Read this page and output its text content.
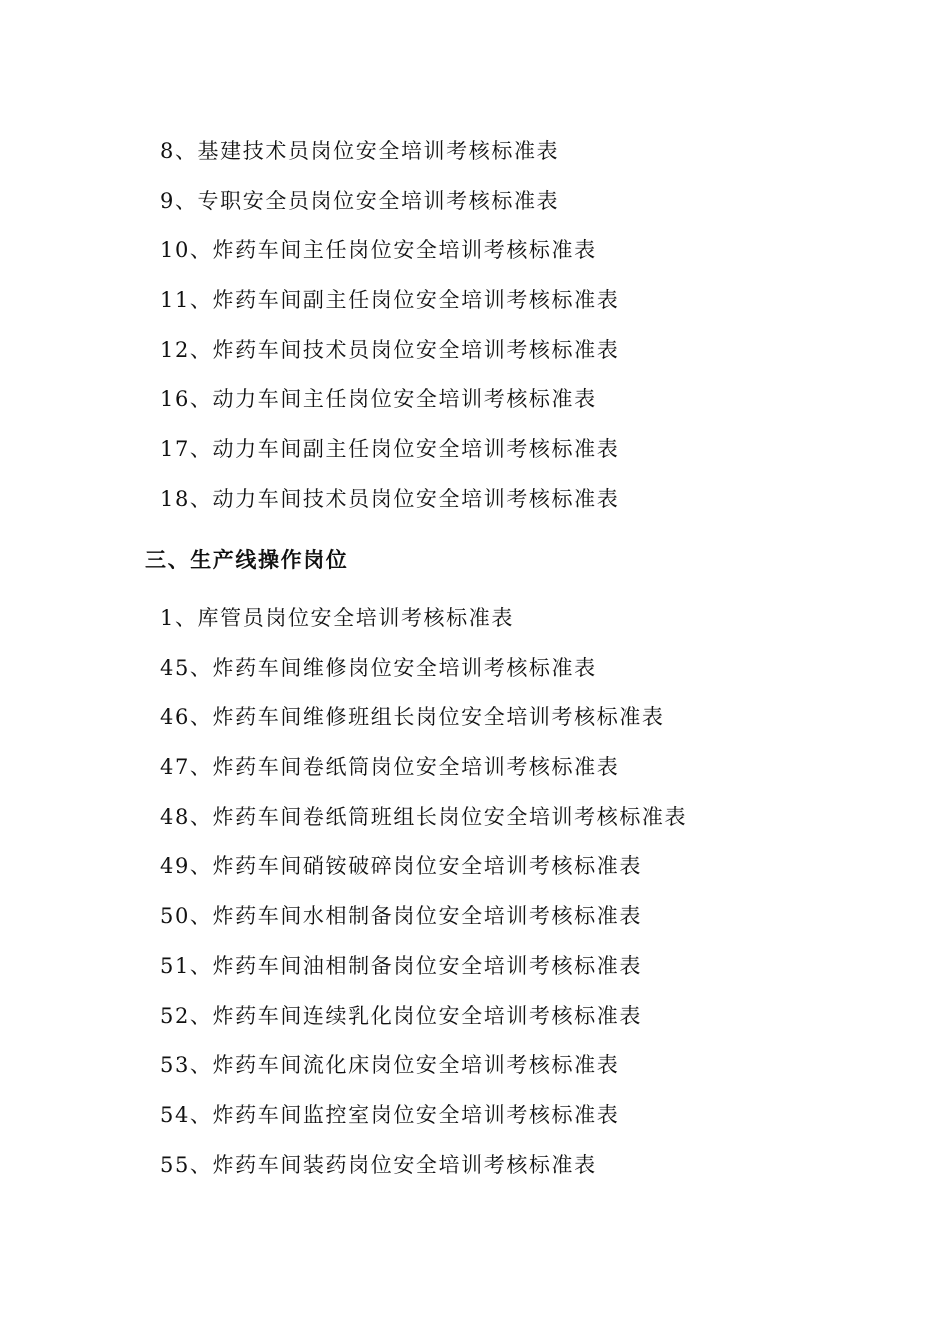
8、基建技术员岗位安全培训考核标准表
9、专职安全员岗位安全培训考核标准表
10、炸药车间主任岗位安全培训考核标准表
11、炸药车间副主任岗位安全培训考核标准表
12、炸药车间技术员岗位安全培训考核标准表
16、动力车间主任岗位安全培训考核标准表
17、动力车间副主任岗位安全培训考核标准表
18、动力车间技术员岗位安全培训考核标准表
三、生产线操作岗位
1、库管员岗位安全培训考核标准表
45、炸药车间维修岗位安全培训考核标准表
46、炸药车间维修班组长岗位安全培训考核标准表
47、炸药车间卷纸筒岗位安全培训考核标准表
48、炸药车间卷纸筒班组长岗位安全培训考核标准表
49、炸药车间硝铵破碎岗位安全培训考核标准表
50、炸药车间水相制备岗位安全培训考核标准表
51、炸药车间油相制备岗位安全培训考核标准表
52、炸药车间连续乳化岗位安全培训考核标准表
53、炸药车间流化床岗位安全培训考核标准表
54、炸药车间监控室岗位安全培训考核标准表
55、炸药车间装药岗位安全培训考核标准表
